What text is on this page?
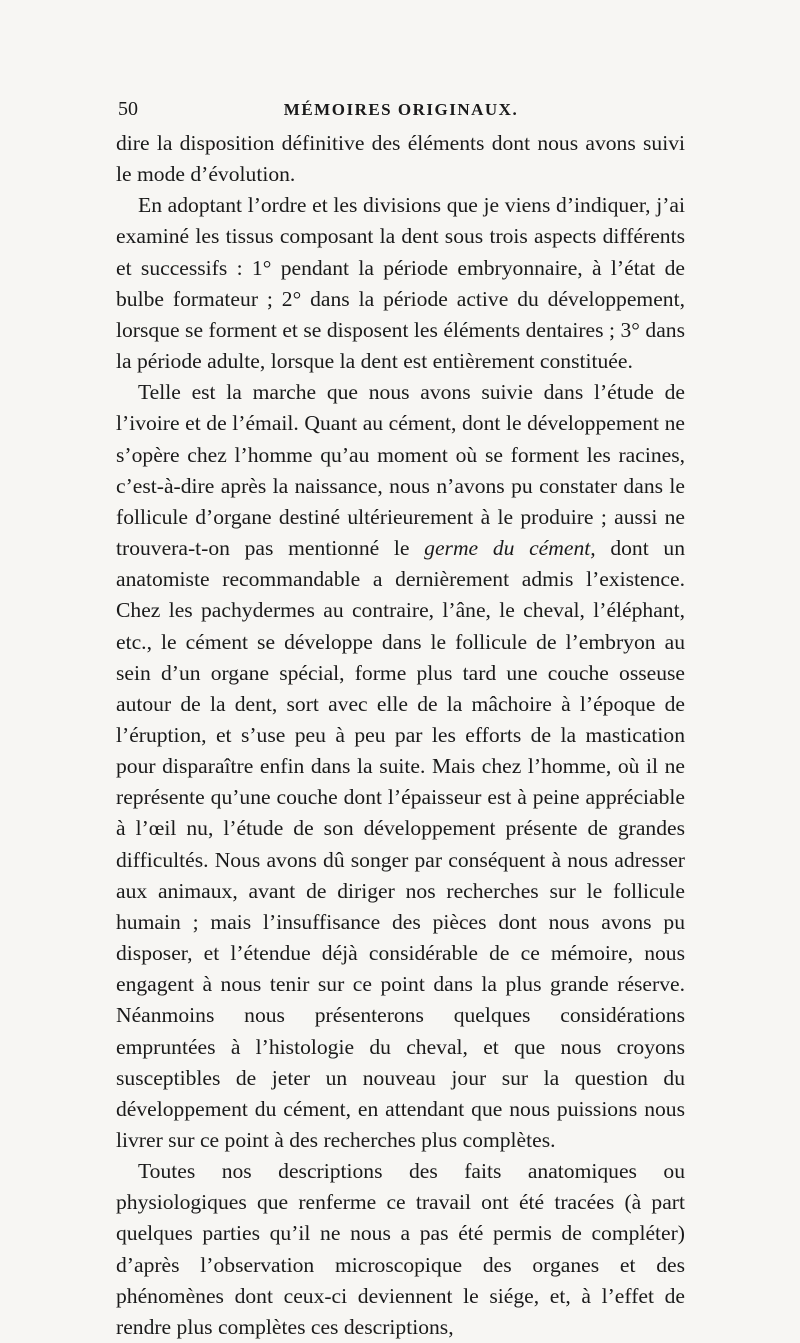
50	MÉMOIRES ORIGINAUX.

dire la disposition définitive des éléments dont nous avons suivi le mode d’évolution.

En adoptant l’ordre et les divisions que je viens d’indiquer, j’ai examiné les tissus composant la dent sous trois aspects différents et successifs : 1° pendant la période embryonnaire, à l’état de bulbe formateur ; 2° dans la période active du développement, lorsque se forment et se disposent les éléments dentaires ; 3° dans la période adulte, lorsque la dent est entièrement constituée.

Telle est la marche que nous avons suivie dans l’étude de l’ivoire et de l’émail. Quant au cément, dont le développement ne s’opère chez l’homme qu’au moment où se forment les racines, c’est-à-dire après la naissance, nous n’avons pu constater dans le follicule d’organe destiné ultérieurement à le produire ; aussi ne trouvera-t-on pas mentionné le germe du cément, dont un anatomiste recommandable a dernièrement admis l’existence. Chez les pachydermes au contraire, l’âne, le cheval, l’éléphant, etc., le cément se développe dans le follicule de l’embryon au sein d’un organe spécial, forme plus tard une couche osseuse autour de la dent, sort avec elle de la mâchoire à l’époque de l’éruption, et s’use peu à peu par les efforts de la mastication pour disparaître enfin dans la suite. Mais chez l’homme, où il ne représente qu’une couche dont l’épaisseur est à peine appréciable à l’œil nu, l’étude de son développement présente de grandes difficultés. Nous avons dû songer par conséquent à nous adresser aux animaux, avant de diriger nos recherches sur le follicule humain ; mais l’insuffisance des pièces dont nous avons pu disposer, et l’étendue déjà considérable de ce mémoire, nous engagent à nous tenir sur ce point dans la plus grande réserve. Néanmoins nous présenterons quelques considérations empruntées à l’histologie du cheval, et que nous croyons susceptibles de jeter un nouveau jour sur la question du développement du cément, en attendant que nous puissions nous livrer sur ce point à des recherches plus complètes.

Toutes nos descriptions des faits anatomiques ou physiologiques que renferme ce travail ont été tracées (à part quelques parties qu’il ne nous a pas été permis de compléter) d’après l’observation microscopique des organes et des phénomènes dont ceux-ci deviennent le siége, et, à l’effet de rendre plus complètes ces descriptions,
